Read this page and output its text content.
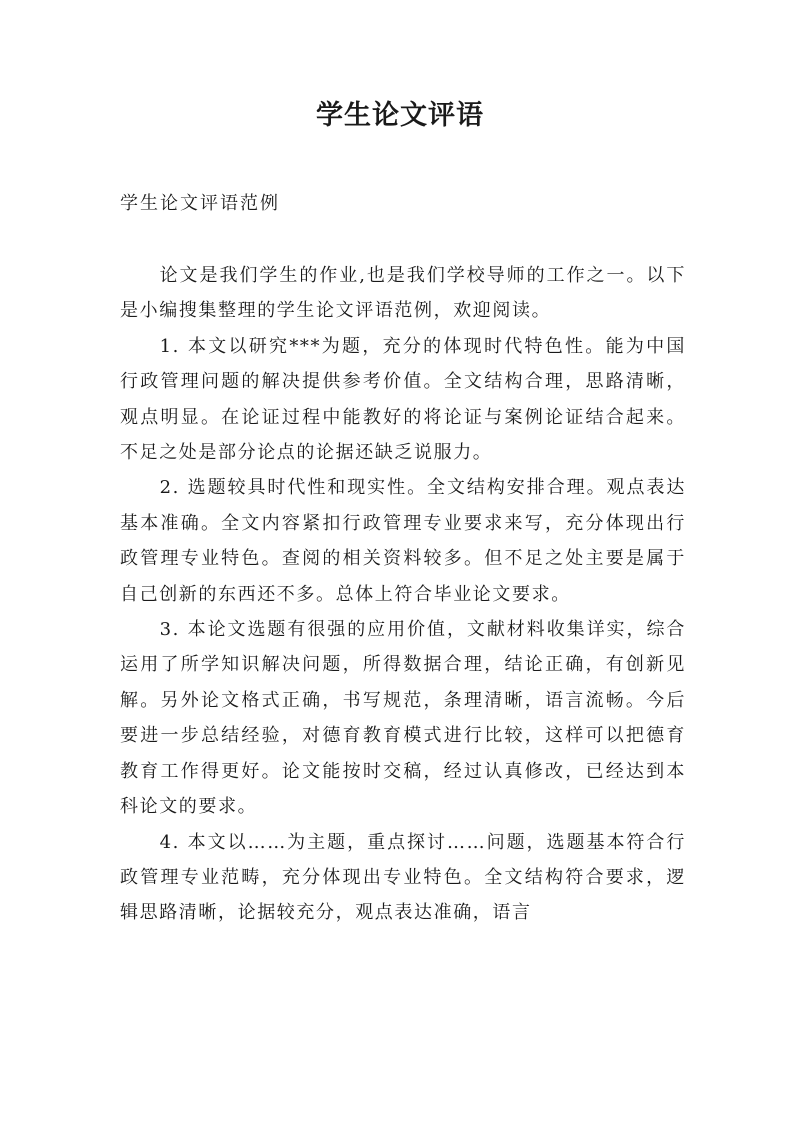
学生论文评语

学生论文评语范例

论文是我们学生的作业,也是我们学校导师的工作之一。以下是小编搜集整理的学生论文评语范例，欢迎阅读。

1. 本文以研究***为题，充分的体现时代特色性。能为中国行政管理问题的解决提供参考价值。全文结构合理，思路清晰，观点明显。在论证过程中能教好的将论证与案例论证结合起来。不足之处是部分论点的论据还缺乏说服力。

2. 选题较具时代性和现实性。全文结构安排合理。观点表达基本准确。全文内容紧扣行政管理专业要求来写，充分体现出行政管理专业特色。查阅的相关资料较多。但不足之处主要是属于自己创新的东西还不多。总体上符合毕业论文要求。

3. 本论文选题有很强的应用价值，文献材料收集详实，综合运用了所学知识解决问题，所得数据合理，结论正确，有创新见解。另外论文格式正确，书写规范，条理清晰，语言流畅。今后要进一步总结经验，对德育教育模式进行比较，这样可以把德育教育工作得更好。论文能按时交稿，经过认真修改，已经达到本科论文的要求。

4. 本文以……为主题，重点探讨……问题，选题基本符合行政管理专业范畴，充分体现出专业特色。全文结构符合要求，逻辑思路清晰，论据较充分，观点表达准确，语言
